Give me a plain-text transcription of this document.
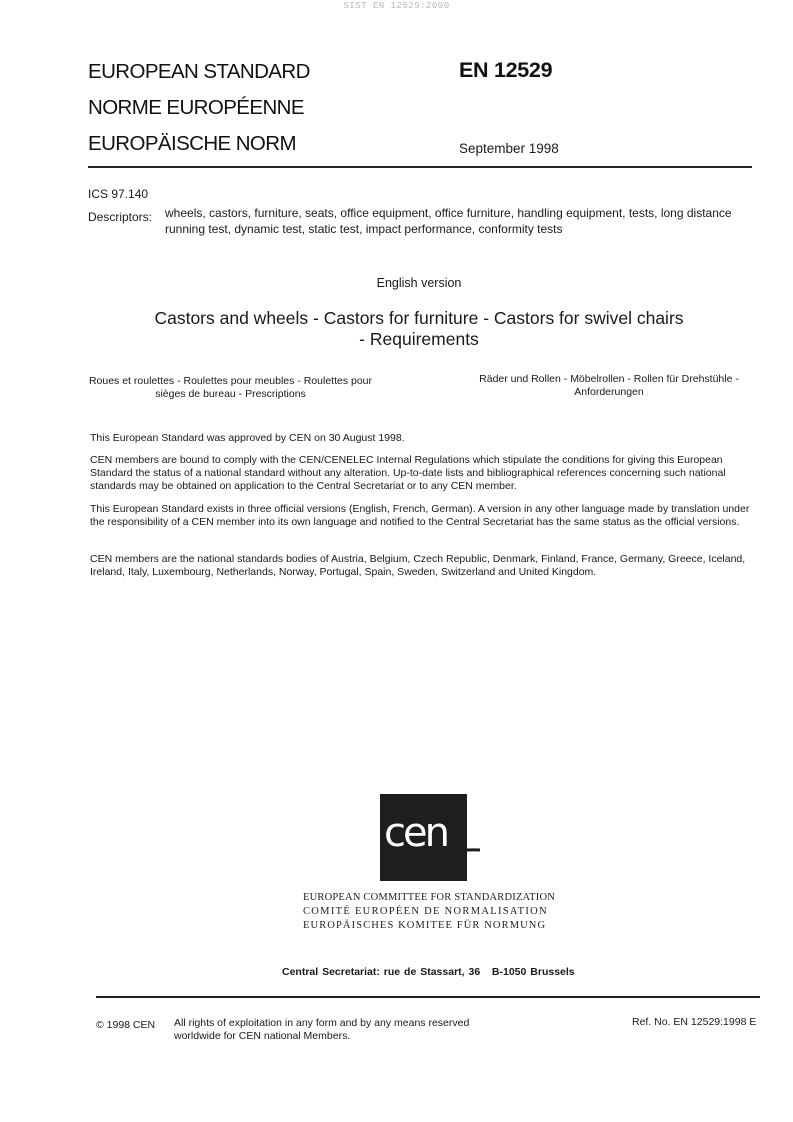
SIST EN 12529:2000
EUROPEAN STANDARD
NORME EUROPÉENNE
EUROPÄISCHE NORM
EN 12529
September 1998
ICS 97.140
Descriptors: wheels, castors, furniture, seats, office equipment, office furniture, handling equipment, tests, long distance running test, dynamic test, static test, impact performance, conformity tests
English version
Castors and wheels - Castors for furniture - Castors for swivel chairs - Requirements
Roues et roulettes - Roulettes pour meubles - Roulettes pour sièges de bureau - Prescriptions
Räder und Rollen - Möbelrollen - Rollen für Drehstühle - Anforderungen
This European Standard was approved by CEN on 30 August 1998.
CEN members are bound to comply with the CEN/CENELEC Internal Regulations which stipulate the conditions for giving this European Standard the status of a national standard without any alteration. Up-to-date lists and bibliographical references concerning such national standards may be obtained on application to the Central Secretariat or to any CEN member.
This European Standard exists in three official versions (English, French, German). A version in any other language made by translation under the responsibility of a CEN member into its own language and notified to the Central Secretariat has the same status as the official versions.
CEN members are the national standards bodies of Austria, Belgium, Czech Republic, Denmark, Finland, France, Germany, Greece, Iceland, Ireland, Italy, Luxembourg, Netherlands, Norway, Portugal, Spain, Sweden, Switzerland and United Kingdom.
cen
EUROPEAN COMMITTEE FOR STANDARDIZATION
COMITÉ EUROPÉEN DE NORMALISATION
EUROPÄISCHES KOMITEE FÜR NORMUNG
Central Secretariat: rue de Stassart, 36   B-1050 Brussels
© 1998 CEN All rights of exploitation in any form and by any means reserved worldwide for CEN national Members.
Ref. No. EN 12529:1998 E
